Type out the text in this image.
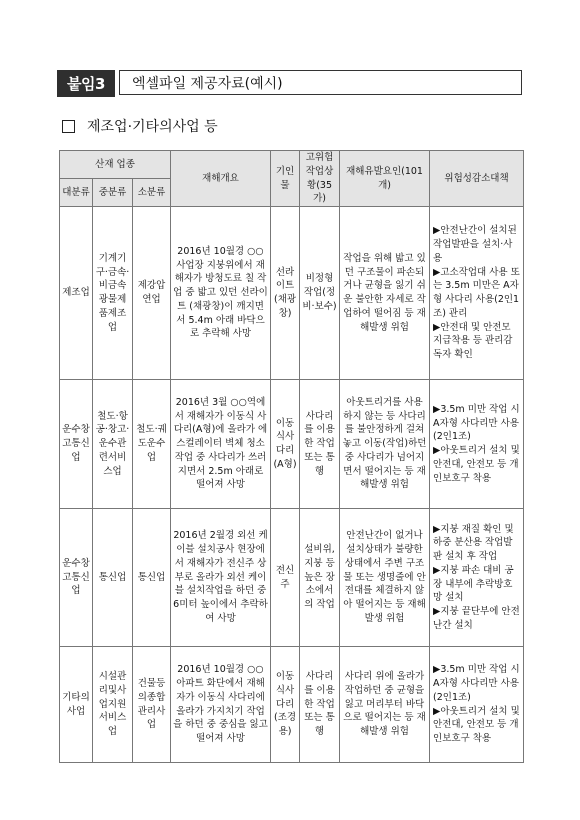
붙임3	엑셀파일 제공자료(예시)
제조업·기타의사업 등
산재 업종			재해개요	기인물	고위험작업상황(35가)	재해유발요인(101개)	위험성감소대책
대분류	중분류	소분류					
제조업	기계기구·금속·비금속광물제품제조업	제강압연업	2016년 10월경 ○○사업장 지붕위에서 재해자가 방청도료 칠 작업 중 밟고 있던 선라이트 (채광창)이 깨지면서 5.4m 아래 바닥으로 추락해 사망	선라이트(채광창)	비정형작업(정비·보수)	작업을 위해 밟고 있던 구조물이 파손되거나 균형을 잃기 쉬운 불안한 자세로 작업하여 떨어짐 등 재해발생 위험	▶안전난간이 설치된 작업발판을 설치·사용

▶고소작업대 사용 또는 3.5m 미만은 A자형 사다리 사용(2인1조) 관리

▶안전대 및 안전모 지급착용 등 관리감독자 확인

운수창고통신업	철도·항공·창고·운수관련서비스업	철도·궤도운수업	2016년 3월 ○○역에서 재해자가 이동식 사다리(A형)에 올라가 에스컬레이터 벽체 청소작업 중 사다리가 쓰러지면서 2.5m 아래로 떨어져 사망	이동식사다리(A형)	사다리를 이용한 작업 또는 통행	아웃트리거를 사용하지 않는 등 사다리를 불안정하게 걸쳐놓고 이동(작업)하던 중 사다리가 넘어지면서 떨어지는 등 재해발생 위험	▶3.5m 미만 작업 시 A자형 사다리만 사용(2인1조)

▶아웃트리거 설치 및 안전대, 안전모 등 개인보호구 착용

운수창고통신업	통신업	통신업	2016년 2월경 외선 케이블 설치공사 현장에서 재해자가 전신주 상부로 올라가 외선 케이블 설치작업을 하던 중 6미터 높이에서 추락하여 사망	전신주	설비위, 지붕 등 높은 장소에서의 작업	안전난간이 없거나 설치상태가 불량한 상태에서 주변 구조물 또는 생명줄에 안전대를 체결하지 않아 떨어지는 등 재해발생 위험	▶지붕 재질 확인 및 하중 분산용 작업발판 설치 후 작업

▶지붕 파손 대비 공장 내부에 추락방호망 설치

▶지붕 끝단부에 안전 난간 설치

기타의사업	시설관리및사업지원서비스업	건물등의종합관리사업	2016년 10월경 ○○아파트 화단에서 재해자가 이동식 사다리에 올라가 가지치기 작업을 하던 중 중심을 잃고 떨어져 사망	이동식사다리(조경용)	사다리를 이용한 작업 또는 통행	사다리 위에 올라가 작업하던 중 균형을 잃고 머리부터 바닥으로 떨어지는 등 재해발생 위험	▶3.5m 미만 작업 시 A자형 사다리만 사용(2인1조)

▶아웃트리거 설치 및 안전대, 안전모 등 개인보호구 착용
